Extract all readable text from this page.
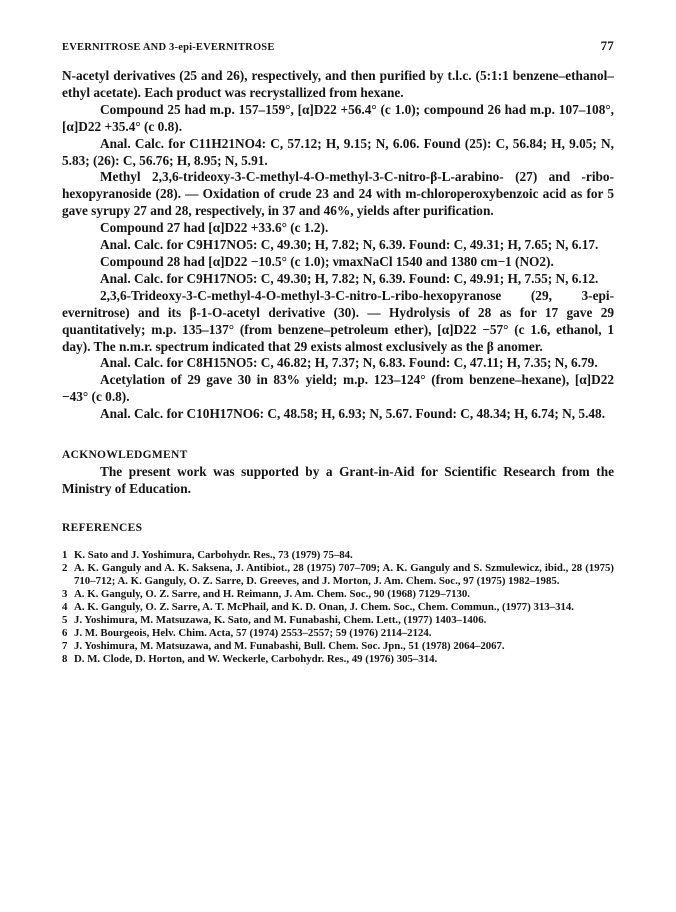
EVERNITROSE AND 3-epi-EVERNITROSE	77

N-acetyl derivatives (25 and 26), respectively, and then purified by t.l.c. (5:1:1 benzene–ethanol–ethyl acetate). Each product was recrystallized from hexane.

Compound 25 had m.p. 157–159°, [α]D22 +56.4° (c 1.0); compound 26 had m.p. 107–108°, [α]D22 +35.4° (c 0.8).

Anal. Calc. for C11H21NO4: C, 57.12; H, 9.15; N, 6.06. Found (25): C, 56.84; H, 9.05; N, 5.83; (26): C, 56.76; H, 8.95; N, 5.91.

Methyl 2,3,6-trideoxy-3-C-methyl-4-O-methyl-3-C-nitro-β-L-arabino- (27) and -ribo-hexopyranoside (28). — Oxidation of crude 23 and 24 with m-chloroperoxybenzoic acid as for 5 gave syrupy 27 and 28, respectively, in 37 and 46%, yields after purification.

Compound 27 had [α]D22 +33.6° (c 1.2).

Anal. Calc. for C9H17NO5: C, 49.30; H, 7.82; N, 6.39. Found: C, 49.31; H, 7.65; N, 6.17.

Compound 28 had [α]D22 −10.5° (c 1.0); νmaxNaCl 1540 and 1380 cm−1 (NO2).

Anal. Calc. for C9H17NO5: C, 49.30; H, 7.82; N, 6.39. Found: C, 49.91; H, 7.55; N, 6.12.

2,3,6-Trideoxy-3-C-methyl-4-O-methyl-3-C-nitro-L-ribo-hexopyranose (29, 3-epi-evernitrose) and its β-1-O-acetyl derivative (30). — Hydrolysis of 28 as for 17 gave 29 quantitatively; m.p. 135–137° (from benzene–petroleum ether), [α]D22 −57° (c 1.6, ethanol, 1 day). The n.m.r. spectrum indicated that 29 exists almost exclusively as the β anomer.

Anal. Calc. for C8H15NO5: C, 46.82; H, 7.37; N, 6.83. Found: C, 47.11; H, 7.35; N, 6.79.

Acetylation of 29 gave 30 in 83% yield; m.p. 123–124° (from benzene–hexane), [α]D22 −43° (c 0.8).

Anal. Calc. for C10H17NO6: C, 48.58; H, 6.93; N, 5.67. Found: C, 48.34; H, 6.74; N, 5.48.

ACKNOWLEDGMENT

The present work was supported by a Grant-in-Aid for Scientific Research from the Ministry of Education.

REFERENCES
1 K. Sato and J. Yoshimura, Carbohydr. Res., 73 (1979) 75–84.
2 A. K. Ganguly and A. K. Saksena, J. Antibiot., 28 (1975) 707–709; A. K. Ganguly and S. Szmulewicz, ibid., 28 (1975) 710–712; A. K. Ganguly, O. Z. Sarre, D. Greeves, and J. Morton, J. Am. Chem. Soc., 97 (1975) 1982–1985.
3 A. K. Ganguly, O. Z. Sarre, and H. Reimann, J. Am. Chem. Soc., 90 (1968) 7129–7130.
4 A. K. Ganguly, O. Z. Sarre, A. T. McPhail, and K. D. Onan, J. Chem. Soc., Chem. Commun., (1977) 313–314.
5 J. Yoshimura, M. Matsuzawa, K. Sato, and M. Funabashi, Chem. Lett., (1977) 1403–1406.
6 J. M. Bourgeois, Helv. Chim. Acta, 57 (1974) 2553–2557; 59 (1976) 2114–2124.
7 J. Yoshimura, M. Matsuzawa, and M. Funabashi, Bull. Chem. Soc. Jpn., 51 (1978) 2064–2067.
8 D. M. Clode, D. Horton, and W. Weckerle, Carbohydr. Res., 49 (1976) 305–314.
